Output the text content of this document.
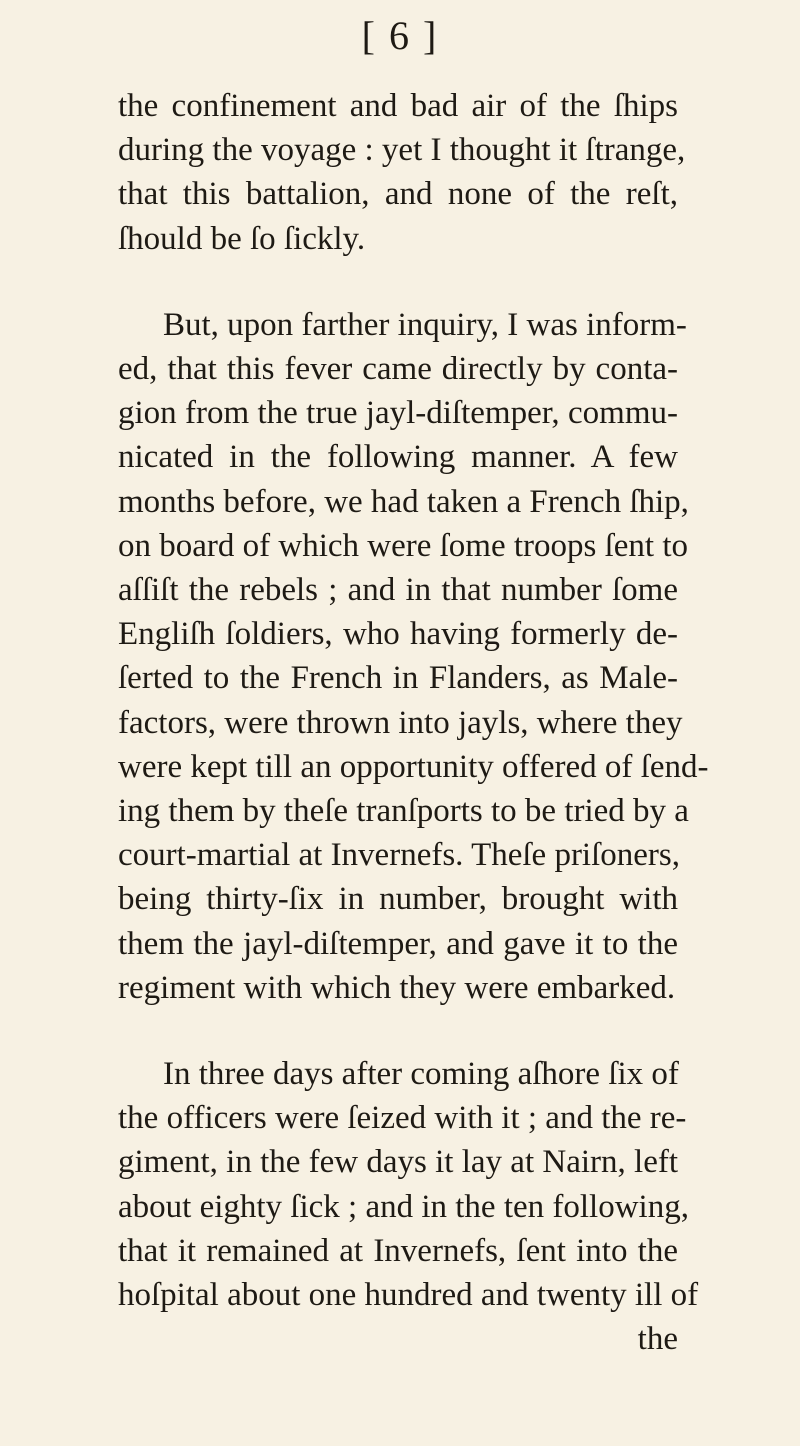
[ 6 ]
the confinement and bad air of the ſhips
during the voyage : yet I thought it ſtrange,
that this battalion, and none of the reſt,
ſhould be ſo ſickly.
But, upon farther inquiry, I was inform-
ed, that this fever came directly by conta-
gion from the true jayl-diſtemper, commu-
nicated in the following manner. A few
months before, we had taken a French ſhip,
on board of which were ſome troops ſent to
aſſiſt the rebels ; and in that number ſome
Engliſh ſoldiers, who having formerly de-
ſerted to the French in Flanders, as Male-
factors, were thrown into jayls, where they
were kept till an opportunity offered of ſend-
ing them by theſe tranſports to be tried by a
court-martial at Invernefs. Theſe priſoners,
being thirty-ſix in number, brought with
them the jayl-diſtemper, and gave it to the
regiment with which they were embarked.
In three days after coming aſhore ſix of
the officers were ſeized with it ; and the re-
giment, in the few days it lay at Nairn, left
about eighty ſick ; and in the ten following,
that it remained at Invernefs, ſent into the
hoſpital about one hundred and twenty ill of
the
